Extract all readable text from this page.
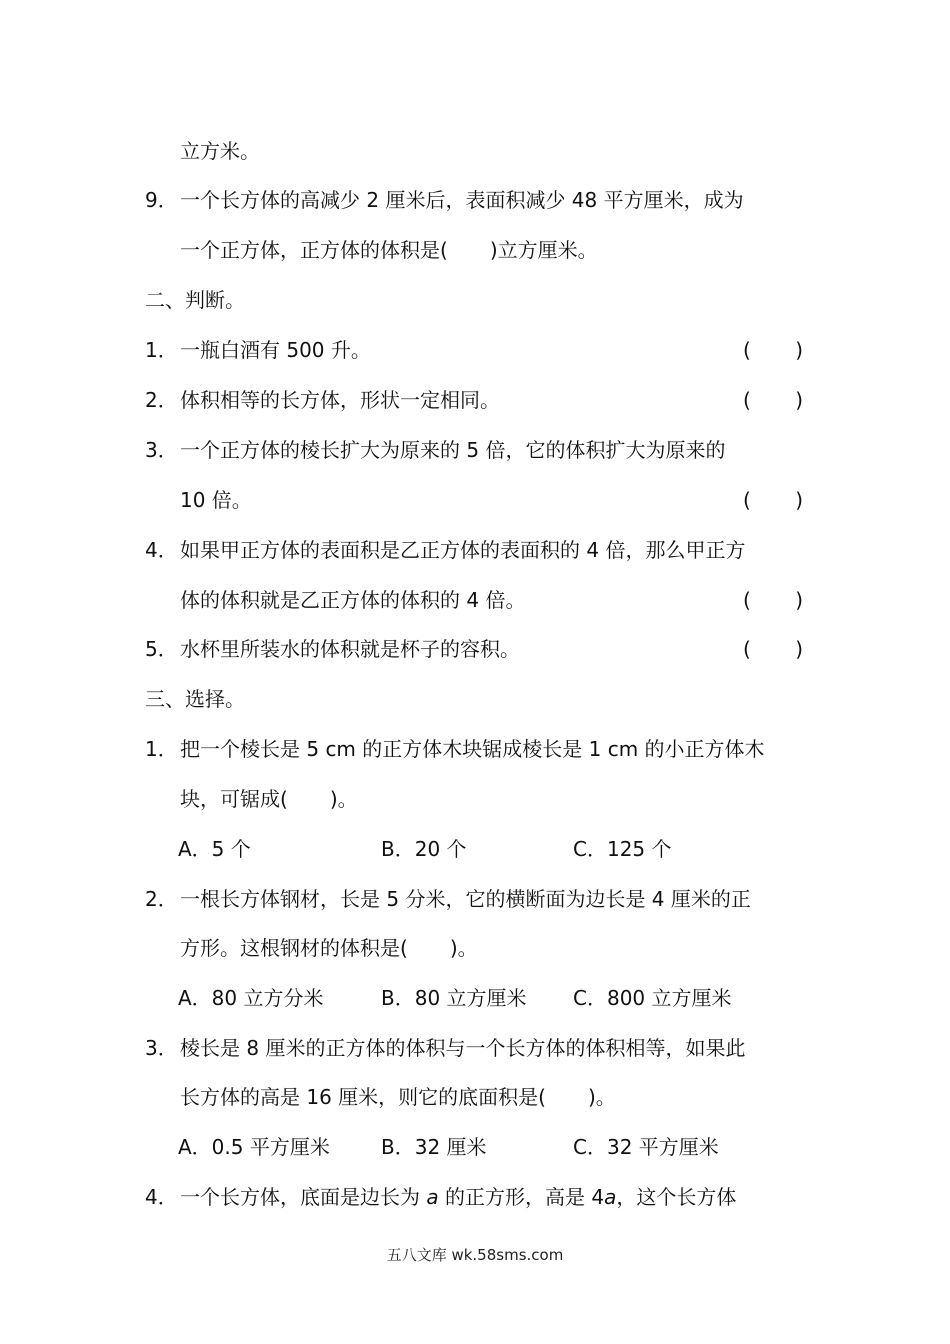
立方米。
9． 一个长方体的高减少 2 厘米后，表面积减少 48 平方厘米，成为
一个正方体，正方体的体积是( )立方厘米。
二、判断。
1． 一瓶白酒有 500 升。	( )
2． 体积相等的长方体，形状一定相同。	( )
3． 一个正方体的棱长扩大为原来的 5 倍，它的体积扩大为原来的
10 倍。	( )
4． 如果甲正方体的表面积是乙正方体的表面积的 4 倍，那么甲正方
体的体积就是乙正方体的体积的 4 倍。	( )
5． 水杯里所装水的体积就是杯子的容积。	( )
三、选择。
1． 把一个棱长是 5 cm 的正方体木块锯成棱长是 1 cm 的小正方体木
块，可锯成( )。
A．5 个	B．20 个	C．125 个
2． 一根长方体钢材，长是 5 分米，它的横断面为边长是 4 厘米的正
方形。这根钢材的体积是( )。
A．80 立方分米	B．80 立方厘米 C．800 立方厘米
3． 棱长是 8 厘米的正方体的体积与一个长方体的体积相等，如果此
长方体的高是 16 厘米，则它的底面积是( )。
A．0.5 平方厘米	B．32 厘米	C．32 平方厘米
4． 一个长方体，底面是边长为 a 的正方形，高是 4a，这个长方体
五八文库 wk.58sms.com
